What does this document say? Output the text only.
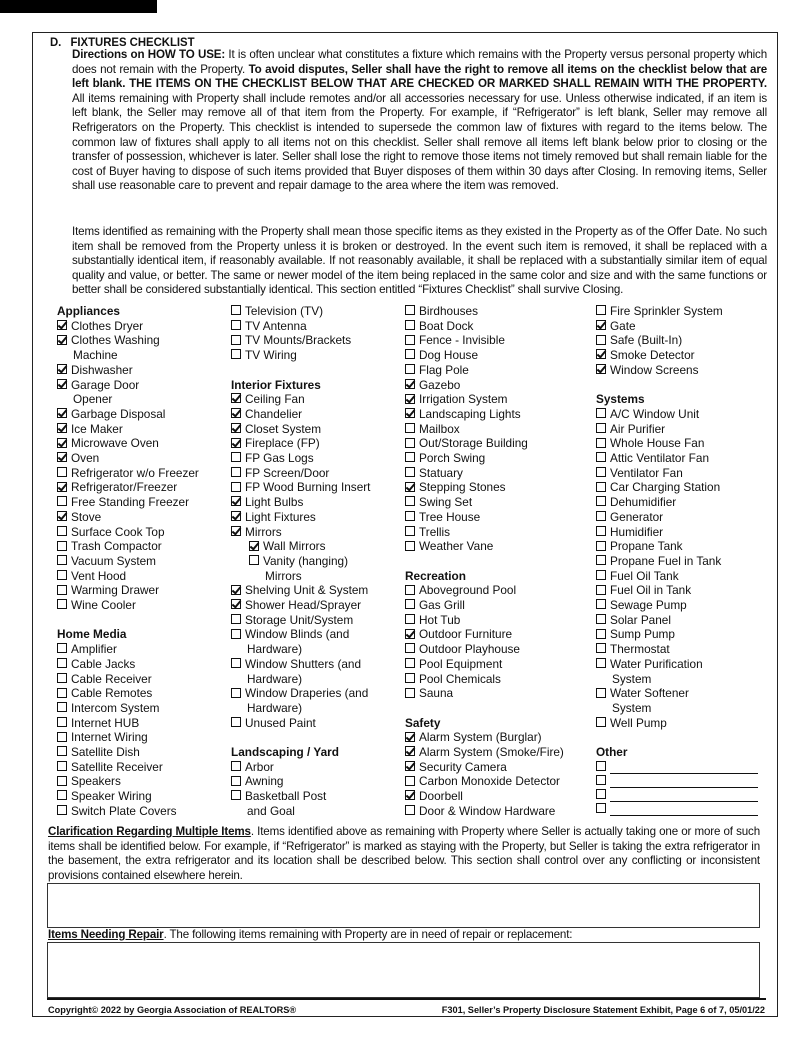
D. FIXTURES CHECKLIST
Directions on HOW TO USE: It is often unclear what constitutes a fixture which remains with the Property versus personal property which does not remain with the Property. To avoid disputes, Seller shall have the right to remove all items on the checklist below that are left blank. THE ITEMS ON THE CHECKLIST BELOW THAT ARE CHECKED OR MARKED SHALL REMAIN WITH THE PROPERTY. All items remaining with Property shall include remotes and/or all accessories necessary for use. Unless otherwise indicated, if an item is left blank, the Seller may remove all of that item from the Property. For example, if “Refrigerator” is left blank, Seller may remove all Refrigerators on the Property. This checklist is intended to supersede the common law of fixtures with regard to the items below. The common law of fixtures shall apply to all items not on this checklist. Seller shall remove all items left blank below prior to closing or the transfer of possession, whichever is later. Seller shall lose the right to remove those items not timely removed but shall remain liable for the cost of Buyer having to dispose of such items provided that Buyer disposes of them within 30 days after Closing. In removing items, Seller shall use reasonable care to prevent and repair damage to the area where the item was removed.
Items identified as remaining with the Property shall mean those specific items as they existed in the Property as of the Offer Date. No such item shall be removed from the Property unless it is broken or destroyed. In the event such item is removed, it shall be replaced with a substantially identical item, if reasonably available. If not reasonably available, it shall be replaced with a substantially similar item of equal quality and value, or better. The same or newer model of the item being replaced in the same color and size and with the same functions or better shall be considered substantially identical. This section entitled “Fixtures Checklist” shall survive Closing.
Appliances
Clothes Dryer
Clothes Washing
Machine
Dishwasher
Garage Door
Opener
Garbage Disposal
Ice Maker
Microwave Oven
Oven
Refrigerator w/o Freezer
Refrigerator/Freezer
Free Standing Freezer
Stove
Surface Cook Top
Trash Compactor
Vacuum System
Vent Hood
Warming Drawer
Wine Cooler
Home Media
Amplifier
Cable Jacks
Cable Receiver
Cable Remotes
Intercom System
Internet HUB
Internet Wiring
Satellite Dish
Satellite Receiver
Speakers
Speaker Wiring
Switch Plate Covers
Television (TV)
TV Antenna
TV Mounts/Brackets
TV Wiring
Interior Fixtures
Ceiling Fan
Chandelier
Closet System
Fireplace (FP)
FP Gas Logs
FP Screen/Door
FP Wood Burning Insert
Light Bulbs
Light Fixtures
Mirrors
Wall Mirrors
Vanity (hanging)
Mirrors
Shelving Unit & System
Shower Head/Sprayer
Storage Unit/System
Window Blinds (and
Hardware)
Window Shutters (and
Hardware)
Window Draperies (and
Hardware)
Unused Paint
Landscaping / Yard
Arbor
Awning
Basketball Post
and Goal
Birdhouses
Boat Dock
Fence - Invisible
Dog House
Flag Pole
Gazebo
Irrigation System
Landscaping Lights
Mailbox
Out/Storage Building
Porch Swing
Statuary
Stepping Stones
Swing Set
Tree House
Trellis
Weather Vane
Recreation
Aboveground Pool
Gas Grill
Hot Tub
Outdoor Furniture
Outdoor Playhouse
Pool Equipment
Pool Chemicals
Sauna
Safety
Alarm System (Burglar)
Alarm System (Smoke/Fire)
Security Camera
Carbon Monoxide Detector
Doorbell
Door & Window Hardware
Fire Sprinkler System
Gate
Safe (Built-In)
Smoke Detector
Window Screens
Systems
A/C Window Unit
Air Purifier
Whole House Fan
Attic Ventilator Fan
Ventilator Fan
Car Charging Station
Dehumidifier
Generator
Humidifier
Propane Tank
Propane Fuel in Tank
Fuel Oil Tank
Fuel Oil in Tank
Sewage Pump
Solar Panel
Sump Pump
Thermostat
Water Purification
System
Water Softener
System
Well Pump
Other
Clarification Regarding Multiple Items. Items identified above as remaining with Property where Seller is actually taking one or more of such items shall be identified below. For example, if “Refrigerator” is marked as staying with the Property, but Seller is taking the extra refrigerator in the basement, the extra refrigerator and its location shall be described below. This section shall control over any conflicting or inconsistent provisions contained elsewhere herein.
Items Needing Repair. The following items remaining with Property are in need of repair or replacement:
Copyright© 2022 by Georgia Association of REALTORS®	F301, Seller’s Property Disclosure Statement Exhibit, Page 6 of 7, 05/01/22
